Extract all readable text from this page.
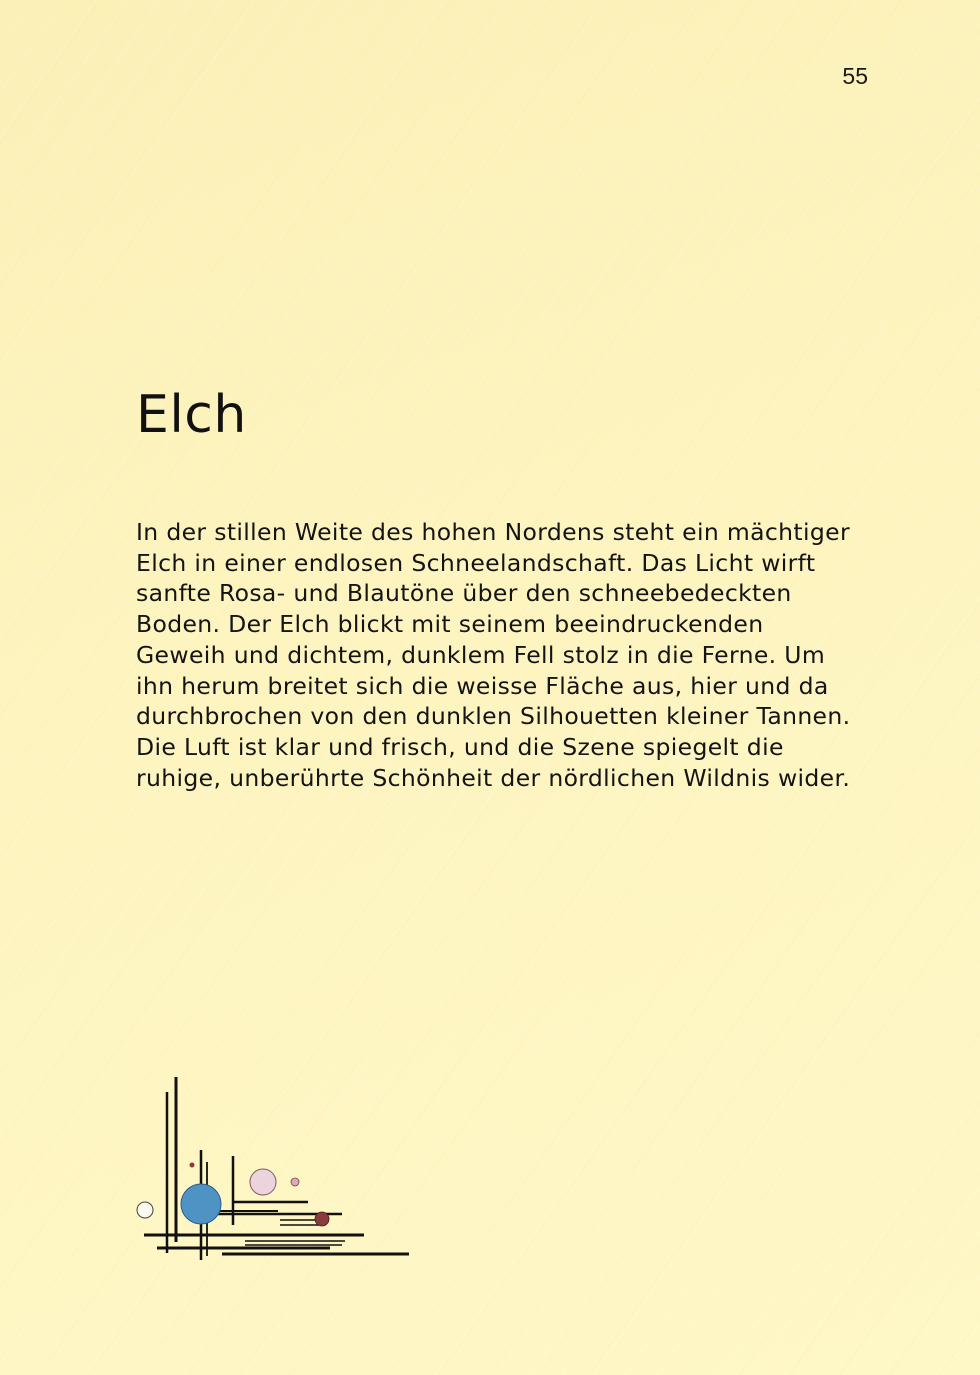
55
Elch

In der stillen Weite des hohen Nordens steht ein mächtiger Elch in einer endlosen Schneelandschaft. Das Licht wirft sanfte Rosa- und Blautöne über den schneebedeckten Boden. Der Elch blickt mit seinem beeindruckenden Geweih und dichtem, dunklem Fell stolz in die Ferne. Um ihn herum breitet sich die weisse Fläche aus, hier und da durchbrochen von den dunklen Silhouetten kleiner Tannen. Die Luft ist klar und frisch, und die Szene spiegelt die ruhige, unberührte Schönheit der nördlichen Wildnis wider.
